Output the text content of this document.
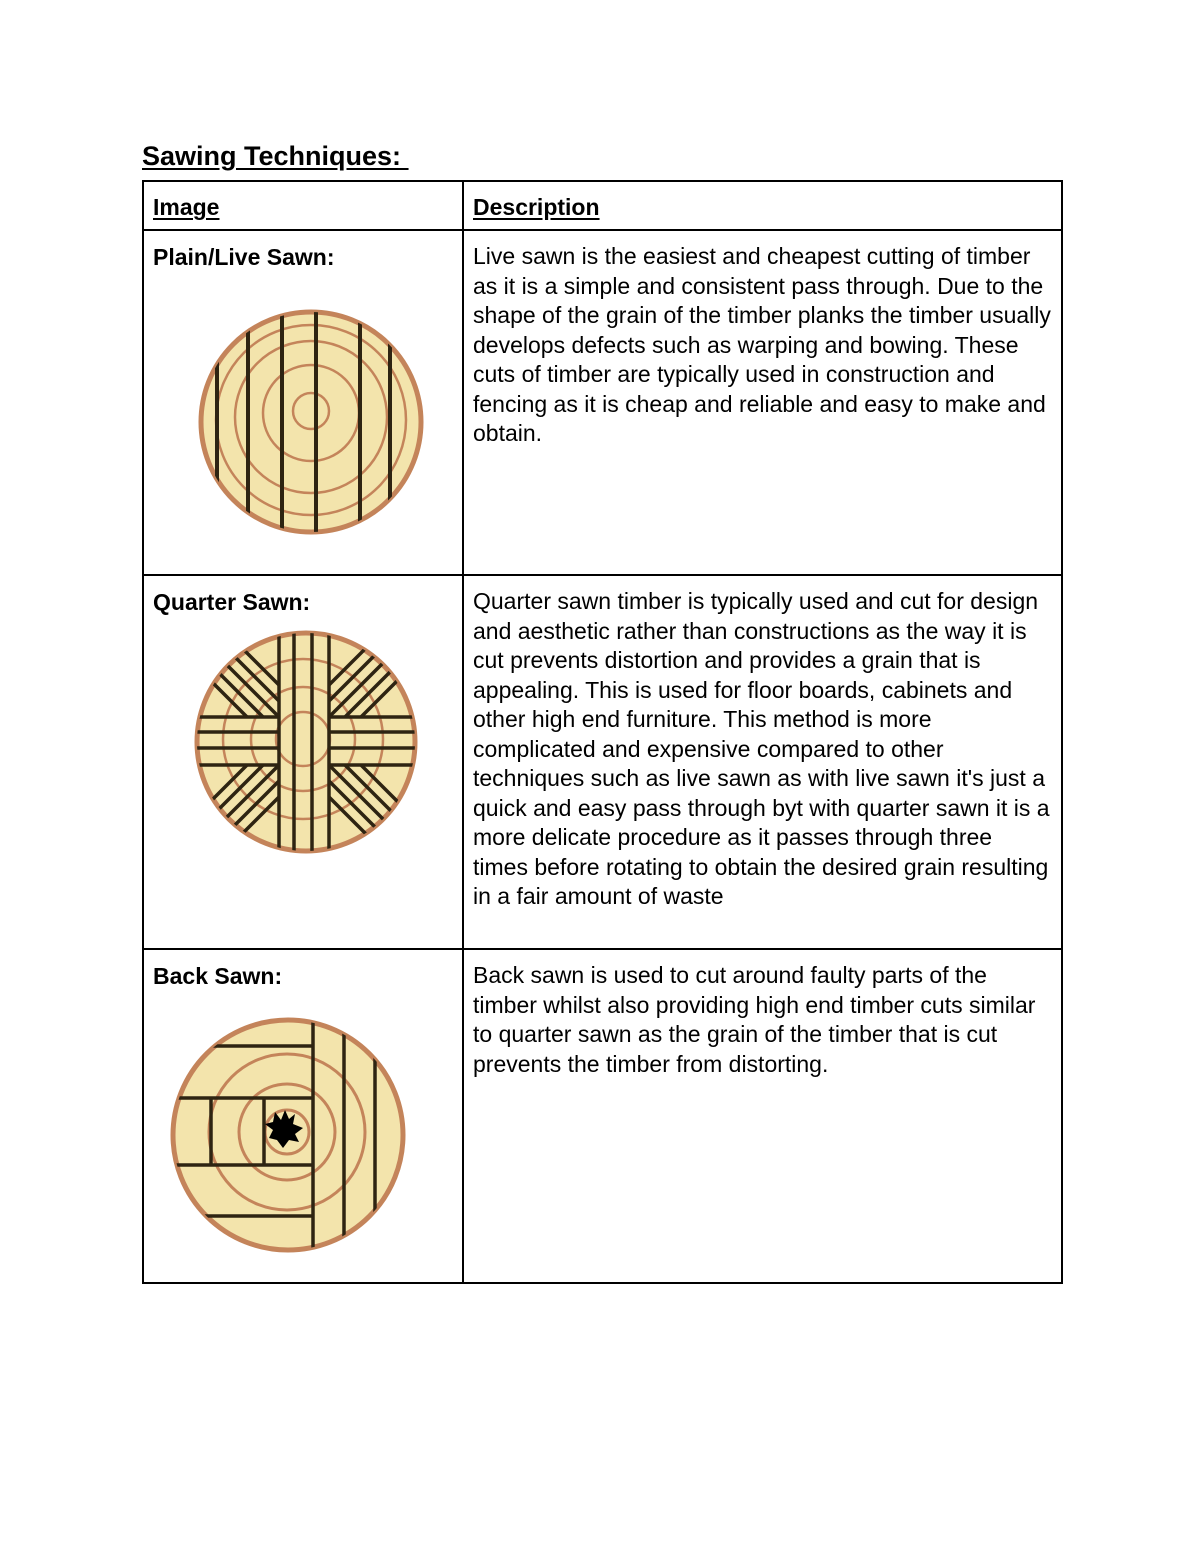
Sawing Techniques:
Image	Description

Plain/Live Sawn:	Live sawn is the easiest and cheapest cutting of timber as it is a simple and consistent pass through. Due to the shape of the grain of the timber planks the timber usually develops defects such as warping and bowing. These cuts of timber are typically used in construction and fencing as it is cheap and reliable and easy to make and obtain.

Quarter Sawn:	Quarter sawn timber is typically used and cut for design and aesthetic rather than constructions as the way it is cut prevents distortion and provides a grain that is appealing. This is used for floor boards, cabinets and other high end furniture. This method is more complicated and expensive compared to other techniques such as live sawn as with live sawn it's just a quick and easy pass through byt with quarter sawn it is a more delicate procedure as it passes through three times before rotating to obtain the desired grain resulting in a fair amount of waste

Back Sawn:	Back sawn is used to cut around faulty parts of the timber whilst also providing high end timber cuts similar to quarter sawn as the grain of the timber that is cut prevents the timber from distorting.
